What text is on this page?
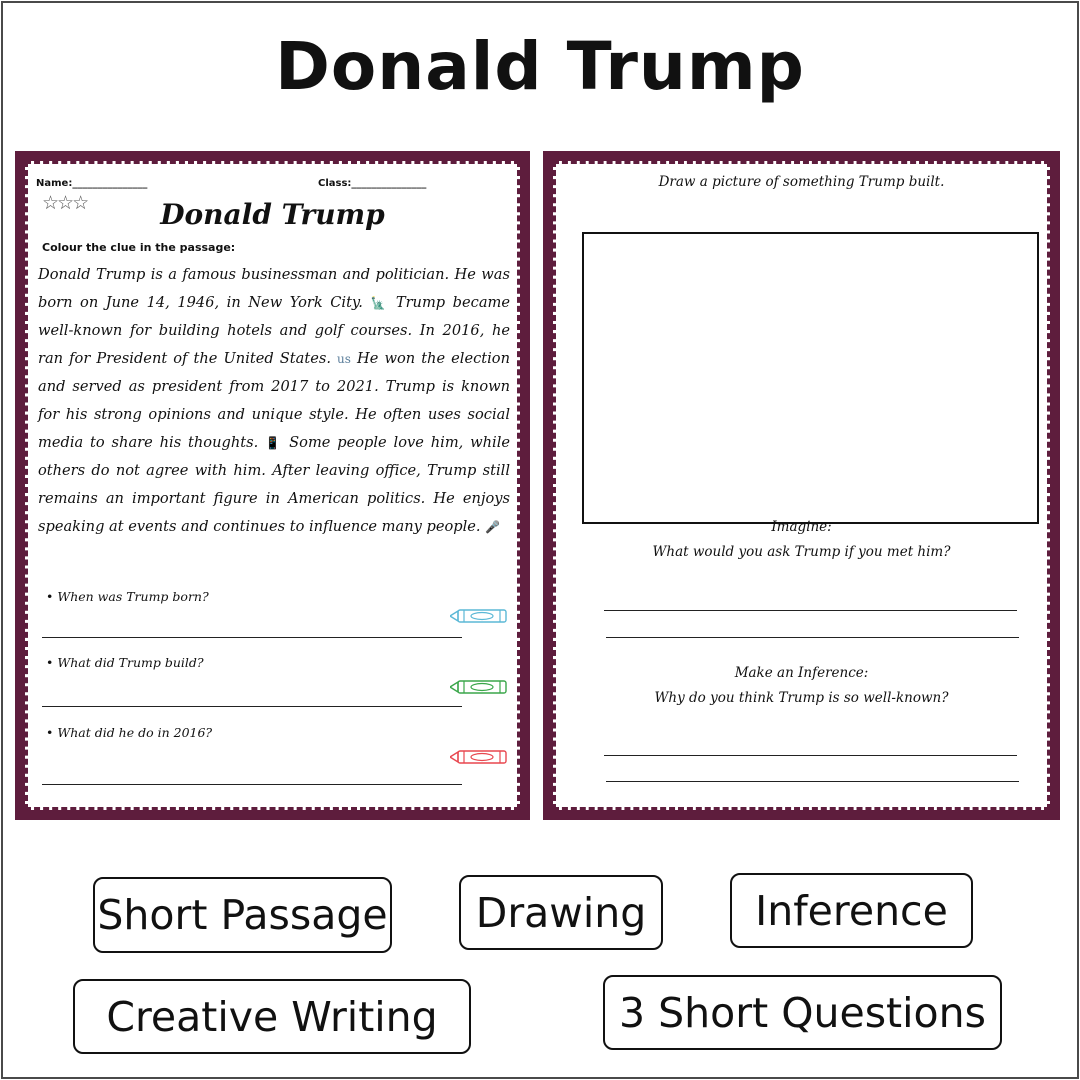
Donald Trump
Name:_______________	Class:_______________
☆☆☆	Donald Trump
Colour the clue in the passage:
Donald Trump is a famous businessman and politician. He was born on June 14, 1946, in New York City. 🗽 Trump became well-known for building hotels and golf courses. In 2016, he ran for President of the United States. us He won the election and served as president from 2017 to 2021. Trump is known for his strong opinions and unique style. He often uses social media to share his thoughts. 📱 Some people love him, while others do not agree with him. After leaving office, Trump still remains an important figure in American politics. He enjoys speaking at events and continues to influence many people. 🎤
• When was Trump born?
• What did Trump build?
• What did he do in 2016?
Draw a picture of something Trump built.
Imagine:
What would you ask Trump if you met him?
Make an Inference:
Why do you think Trump is so well-known?
Short Passage	Drawing	Inference
Creative Writing	3 Short Questions
